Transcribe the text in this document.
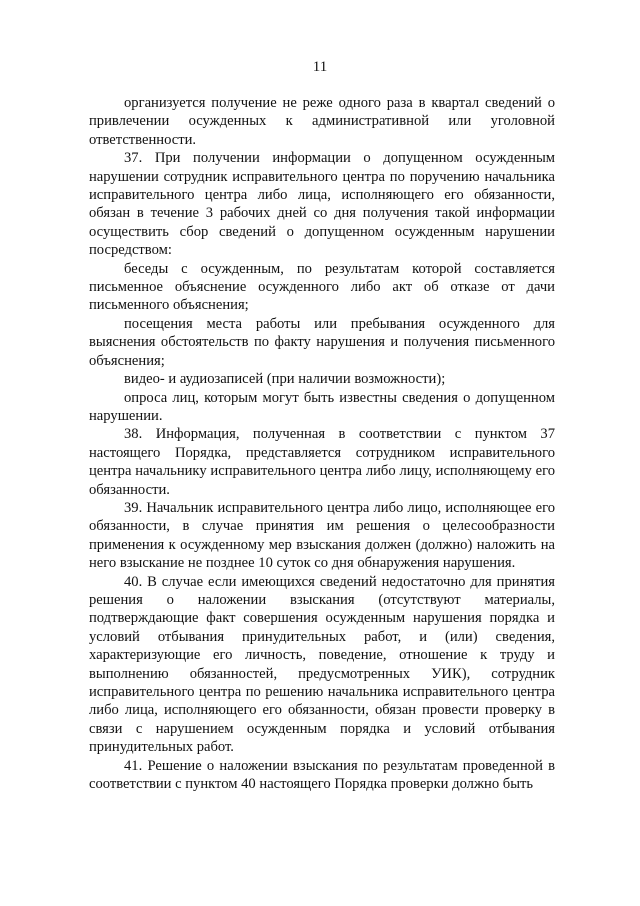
11

организуется получение не реже одного раза в квартал сведений о привлечении осужденных к административной или уголовной ответственности.

37. При получении информации о допущенном осужденным нарушении сотрудник исправительного центра по поручению начальника исправительного центра либо лица, исполняющего его обязанности, обязан в течение 3 рабочих дней со дня получения такой информации осуществить сбор сведений о допущенном осужденным нарушении посредством:

беседы с осужденным, по результатам которой составляется письменное объяснение осужденного либо акт об отказе от дачи письменного объяснения;

посещения места работы или пребывания осужденного для выяснения обстоятельств по факту нарушения и получения письменного объяснения;

видео- и аудиозаписей (при наличии возможности);

опроса лиц, которым могут быть известны сведения о допущенном нарушении.

38. Информация, полученная в соответствии с пунктом 37 настоящего Порядка, представляется сотрудником исправительного центра начальнику исправительного центра либо лицу, исполняющему его обязанности.

39. Начальник исправительного центра либо лицо, исполняющее его обязанности, в случае принятия им решения о целесообразности применения к осужденному мер взыскания должен (должно) наложить на него взыскание не позднее 10 суток со дня обнаружения нарушения.

40. В случае если имеющихся сведений недостаточно для принятия решения о наложении взыскания (отсутствуют материалы, подтверждающие факт совершения осужденным нарушения порядка и условий отбывания принудительных работ, и (или) сведения, характеризующие его личность, поведение, отношение к труду и выполнению обязанностей, предусмотренных УИК), сотрудник исправительного центра по решению начальника исправительного центра либо лица, исполняющего его обязанности, обязан провести проверку в связи с нарушением осужденным порядка и условий отбывания принудительных работ.

41. Решение о наложении взыскания по результатам проведенной в соответствии с пунктом 40 настоящего Порядка проверки должно быть
